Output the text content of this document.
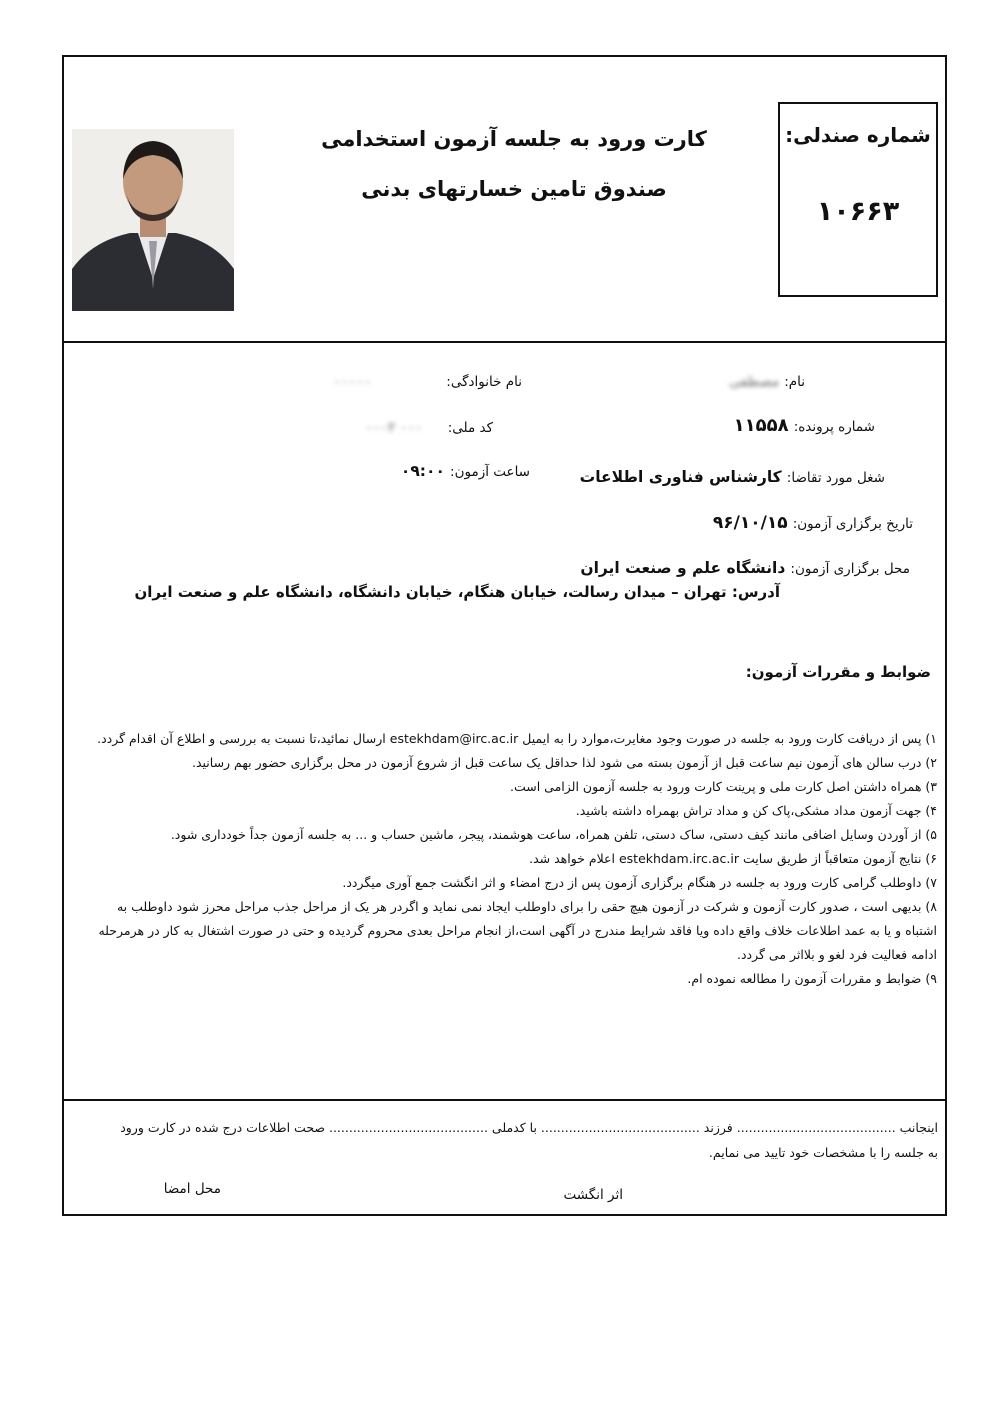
شماره صندلی:
۱۰۶۶۳
کارت ورود به جلسه آزمون استخدامی
صندوق تامین خسارتهای بدنی
نام: مصطفی
نام خانوادگی: ۰۰۰۰۰
شماره پرونده: ۱۱۵۵۸
کد ملی: ۰۰۰ ۰۰۰۲
شغل مورد تقاضا: کارشناس فناوری اطلاعات
ساعت آزمون: ۰۹:۰۰
تاریخ برگزاری آزمون: ۹۶/۱۰/۱۵
محل برگزاری آزمون: دانشگاه علم و صنعت ایران
آدرس: تهران – میدان رسالت، خیابان هنگام، خیابان دانشگاه، دانشگاه علم و صنعت ایران
ضوابط و مقررات آزمون:
۱) پس از دریافت کارت ورود به جلسه در صورت وجود مغایرت،موارد را به ایمیل estekhdam@irc.ac.ir ارسال نمائید،تا نسبت به بررسی و اطلاع آن اقدام گردد.
۲) درب سالن های آزمون نیم ساعت قبل از آزمون بسته می شود لذا حداقل یک ساعت قبل از شروع آزمون در محل برگزاری حضور بهم رسانید.
۳) همراه داشتن اصل کارت ملی و پرینت کارت ورود به جلسه آزمون الزامی است.
۴) جهت آزمون مداد مشکی،پاک کن و مداد تراش بهمراه داشته باشید.
۵) از آوردن وسایل اضافی مانند کیف دستی، ساک دستی، تلفن همراه، ساعت هوشمند، پیجر، ماشین حساب و ... به جلسه آزمون جداً خودداری شود.
۶) نتایج آزمون متعاقباً از طریق سایت estekhdam.irc.ac.ir اعلام خواهد شد.
۷) داوطلب گرامی کارت ورود به جلسه در هنگام برگزاری آزمون پس از درج امضاء و اثر انگشت جمع آوری میگردد.
۸) بدیهی است ، صدور کارت آزمون و شرکت در آزمون هیچ حقی را برای داوطلب ایجاد نمی نماید و اگردر هر یک از مراحل جذب مراحل محرز شود داوطلب به اشتباه و یا به عمد اطلاعات خلاف واقع داده ویا فاقد شرایط مندرج در آگهی است،از انجام مراحل بعدی محروم گردیده و حتی در صورت اشتغال به کار در هرمرحله ادامه فعالیت فرد لغو و بلااثر می گردد.
۹) ضوابط و مقررات آزمون را مطالعه نموده ام.
اینجانب ........................................ فرزند ........................................ با کدملی ........................................ صحت اطلاعات درج شده در کارت ورود به جلسه را با مشخصات خود تایید می نمایم.
اثر انگشت
محل امضا
